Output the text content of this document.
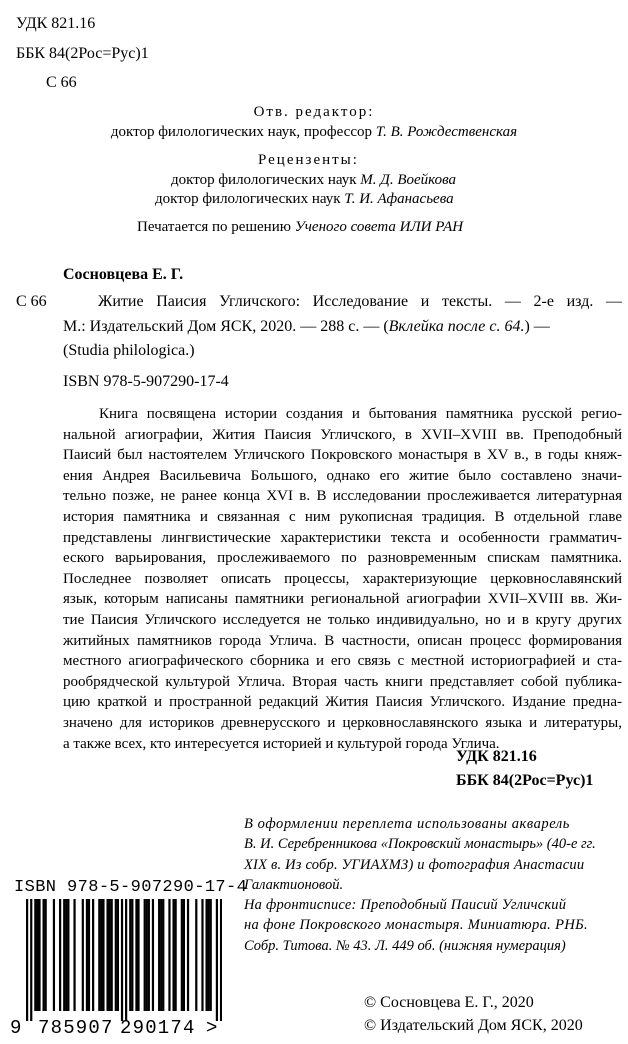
УДК 821.16
ББК 84(2Рос=Рус)1
С 66
Отв. редактор:
доктор филологических наук, профессор Т. В. Рождественская
Рецензенты:
доктор филологических наук М. Д. Воейкова
доктор филологических наук Т. И. Афанасьева
Печатается по решению Ученого совета ИЛИ РАН
Сосновцева Е. Г.
С 66	Житие Паисия Угличского: Исследование и тексты. — 2-е изд. —
М.: Издательский Дом ЯСК, 2020. — 288 с. — (Вклейка после с. 64.) —
(Studia philologica.)
ISBN 978-5-907290-17-4

Книга посвящена истории создания и бытования памятника русской регио-

нальной агиографии, Жития Паисия Угличского, в XVII–XVIII вв. Преподобный

Паисий был настоятелем Угличского Покровского монастыря в XV в., в годы княж-

ения Андрея Васильевича Большого, однако его житие было составлено значи-

тельно позже, не ранее конца XVI в. В исследовании прослеживается литературная

история памятника и связанная с ним рукописная традиция. В отдельной главе

представлены лингвистические характеристики текста и особенности грамматич-

еского варьирования, прослеживаемого по разновременным спискам памятника.

Последнее позволяет описать процессы, характеризующие церковнославянский

язык, которым написаны памятники региональной агиографии XVII–XVIII вв. Жи-

тие Паисия Угличского исследуется не только индивидуально, но и в кругу других

житийных памятников города Углича. В частности, описан процесс формирования

местного агиографического сборника и его связь с местной историографией и ста-

рообрядческой культурой Углича. Вторая часть книги представляет собой публика-

цию краткой и пространной редакций Жития Паисия Угличского. Издание предна-

значено для историков древнерусского и церковнославянского языка и литературы,

а также всех, кто интересуется историей и культурой города Углича.

УДК 821.16
ББК 84(2Рос=Рус)1

В оформлении переплета использованы акварель

В. И. Серебренникова «Покровский монастырь» (40-е гг.

XIX в. Из собр. УГИАХМЗ) и фотография Анастасии

Галактионовой.

На фронтисписе: Преподобный Паисий Угличский

на фоне Покровского монастыря. Миниатюра. РНБ.

Собр. Титова. № 43. Л. 449 об. (нижняя нумерация)

ISBN 978-5-907290-17-4
9 785907 290174 >
© Сосновцева Е. Г., 2020
© Издательский Дом ЯСК, 2020
